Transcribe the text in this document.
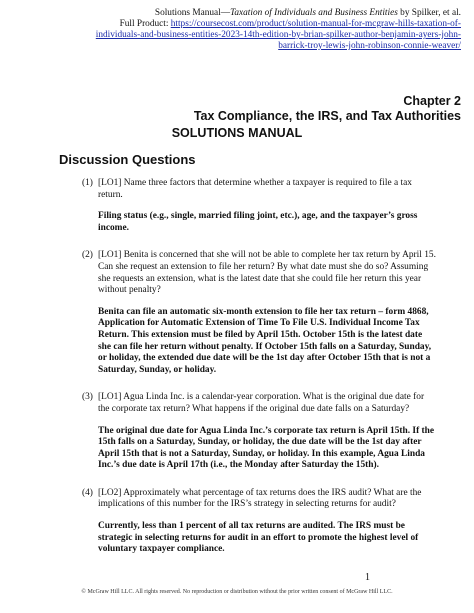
Solutions Manual—Taxation of Individuals and Business Entities by Spilker, et al.
Full Product: https://coursecost.com/product/solution-manual-for-mcgraw-hills-taxation-of-
individuals-and-business-entities-2023-14th-edition-by-brian-spilker-author-benjamin-ayers-john-
barrick-troy-lewis-john-robinson-connie-weaver/
Chapter 2
Tax Compliance, the IRS, and Tax Authorities
SOLUTIONS MANUAL
Discussion Questions
(1) [LO1] Name three factors that determine whether a taxpayer is required to file a tax return.
Filing status (e.g., single, married filing joint, etc.), age, and the taxpayer’s gross income.
(2) [LO1] Benita is concerned that she will not be able to complete her tax return by April 15. Can she request an extension to file her return? By what date must she do so? Assuming she requests an extension, what is the latest date that she could file her return this year without penalty?
Benita can file an automatic six-month extension to file her tax return – form 4868, Application for Automatic Extension of Time To File U.S. Individual Income Tax Return. This extension must be filed by April 15th. October 15th is the latest date she can file her return without penalty. If October 15th falls on a Saturday, Sunday, or holiday, the extended due date will be the 1st day after October 15th that is not a Saturday, Sunday, or holiday.
(3) [LO1] Agua Linda Inc. is a calendar-year corporation. What is the original due date for the corporate tax return? What happens if the original due date falls on a Saturday?
The original due date for Agua Linda Inc.’s corporate tax return is April 15th. If the 15th falls on a Saturday, Sunday, or holiday, the due date will be the 1st day after April 15th that is not a Saturday, Sunday, or holiday. In this example, Agua Linda Inc.’s due date is April 17th (i.e., the Monday after Saturday the 15th).
(4) [LO2] Approximately what percentage of tax returns does the IRS audit? What are the implications of this number for the IRS’s strategy in selecting returns for audit?
Currently, less than 1 percent of all tax returns are audited. The IRS must be strategic in selecting returns for audit in an effort to promote the highest level of voluntary taxpayer compliance.
1
© McGraw Hill LLC. All rights reserved. No reproduction or distribution without the prior written consent of McGraw Hill LLC.
